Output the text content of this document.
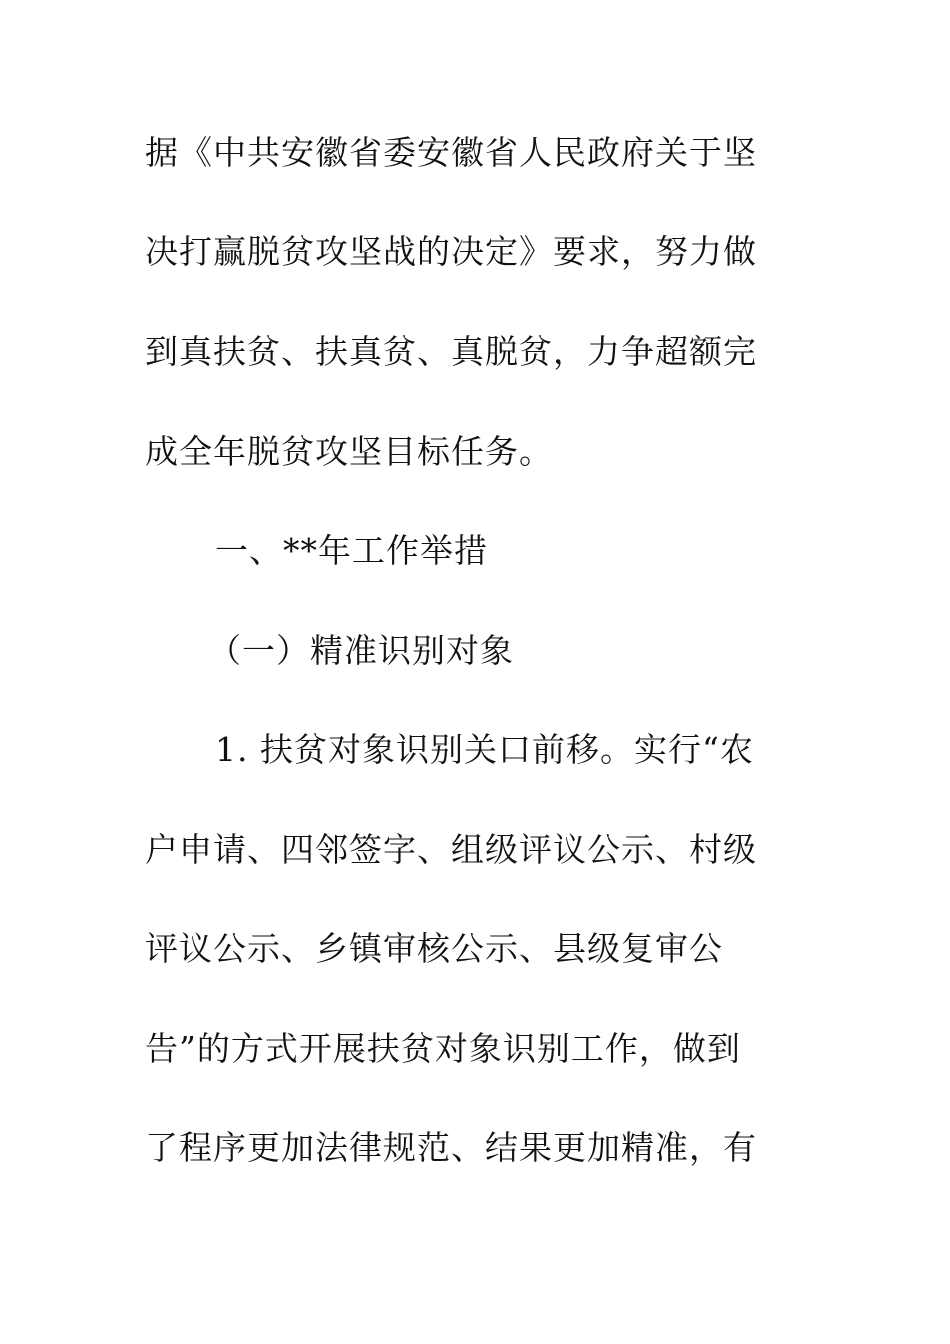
据《中共安徽省委安徽省人民政府关于坚
决打赢脱贫攻坚战的决定》要求，努力做
到真扶贫、扶真贫、真脱贫，力争超额完
成全年脱贫攻坚目标任务。
一、**年工作举措
（一）精准识别对象
1. 扶贫对象识别关口前移。实行“农
户申请、四邻签字、组级评议公示、村级
评议公示、乡镇审核公示、县级复审公
告”的方式开展扶贫对象识别工作，做到
了程序更加法律规范、结果更加精准，有
